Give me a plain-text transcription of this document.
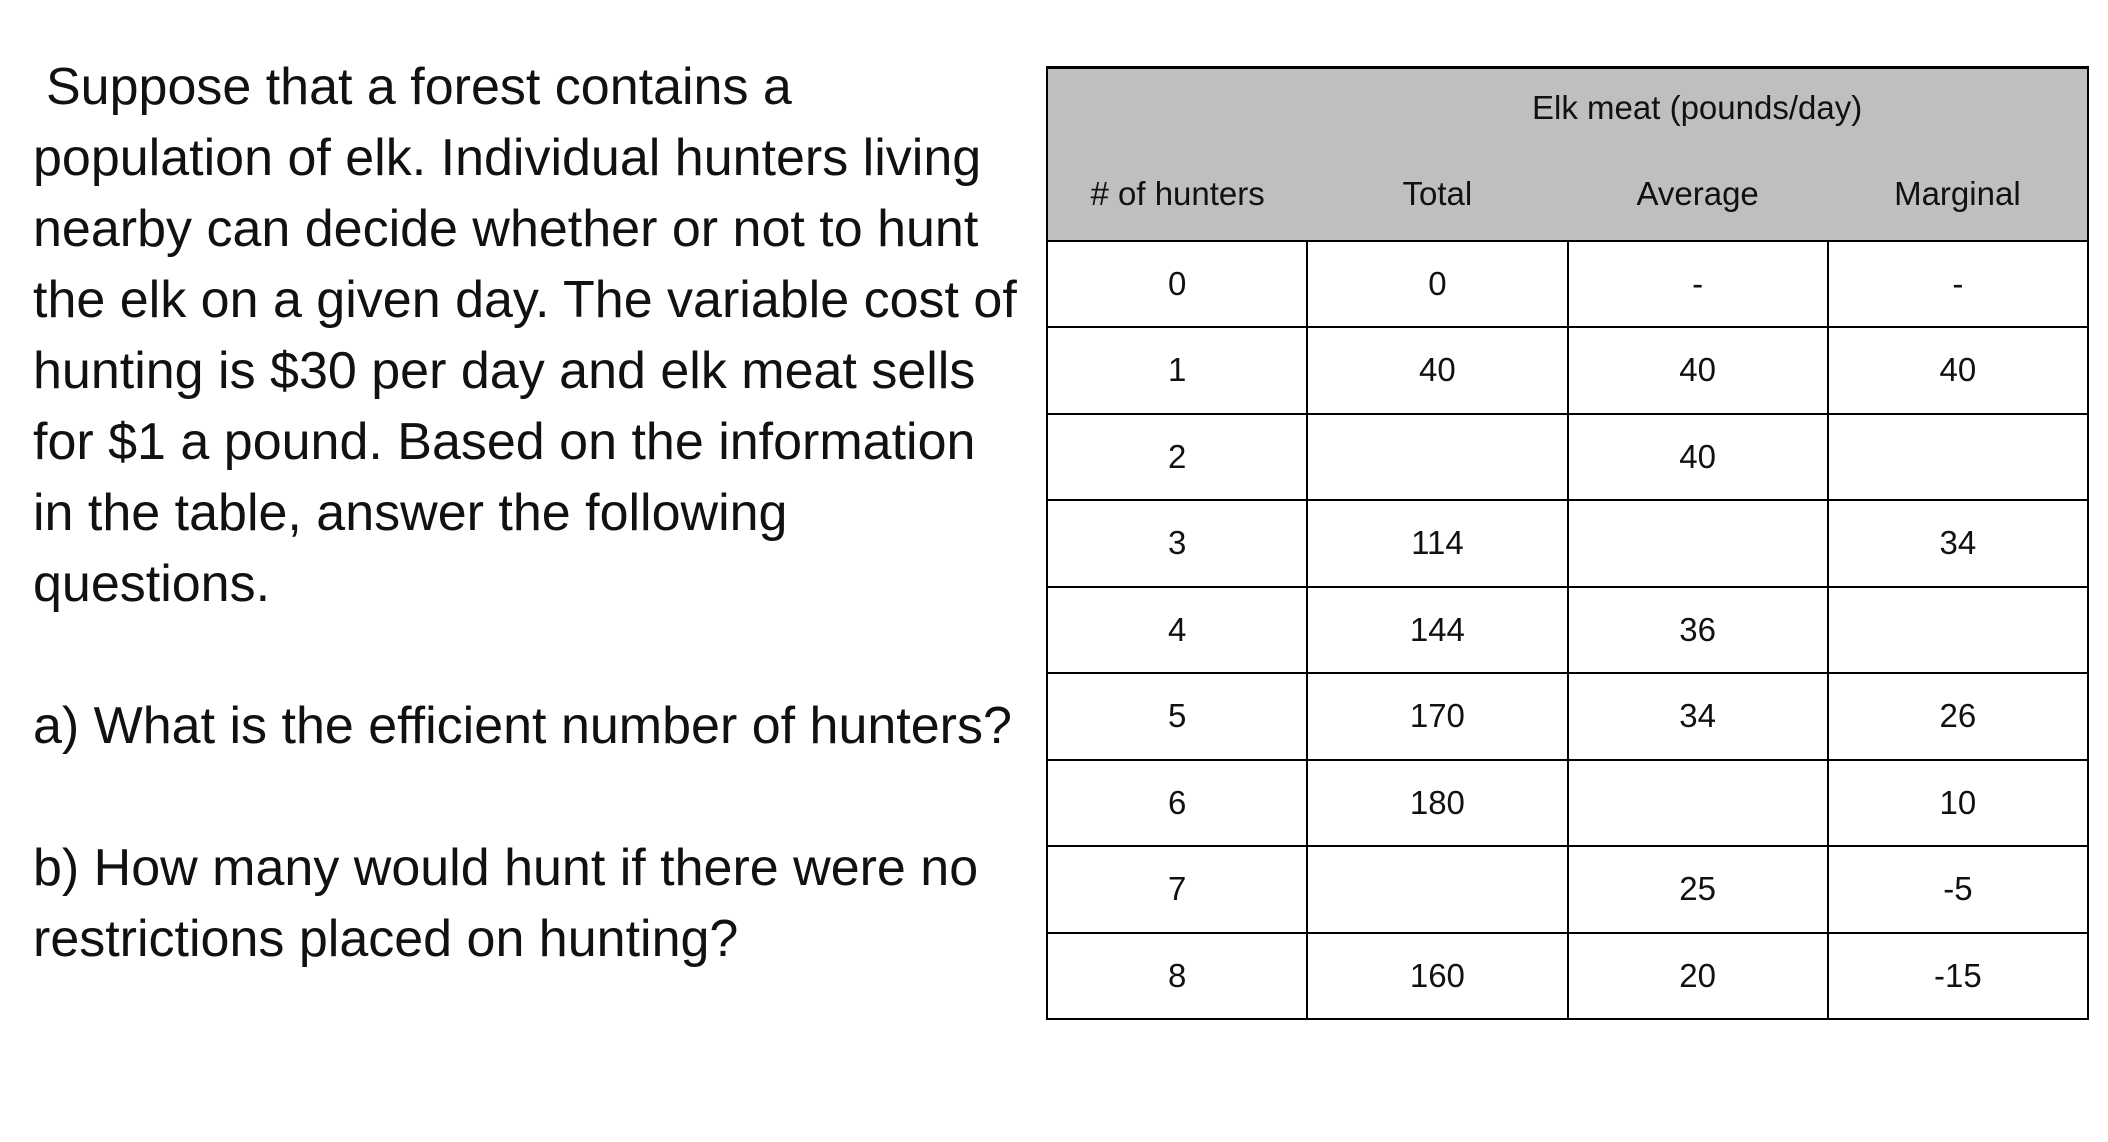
Suppose that a forest contains a population of elk. Individual hunters living nearby can decide whether or not to hunt the elk on a given day. The variable cost of hunting is $30 per day and elk meat sells for $1 a pound. Based on the information in the table, answer the following questions.

a) What is the efficient number of hunters?

b) How many would hunt if there were no restrictions placed on hunting?

	Elk meat (pounds/day)		
# of hunters	Total	Average	Marginal
0	0	-	-
1	40	40	40
2		40	
3	114		34
4	144	36	
5	170	34	26
6	180		10
7		25	-5
8	160	20	-15
